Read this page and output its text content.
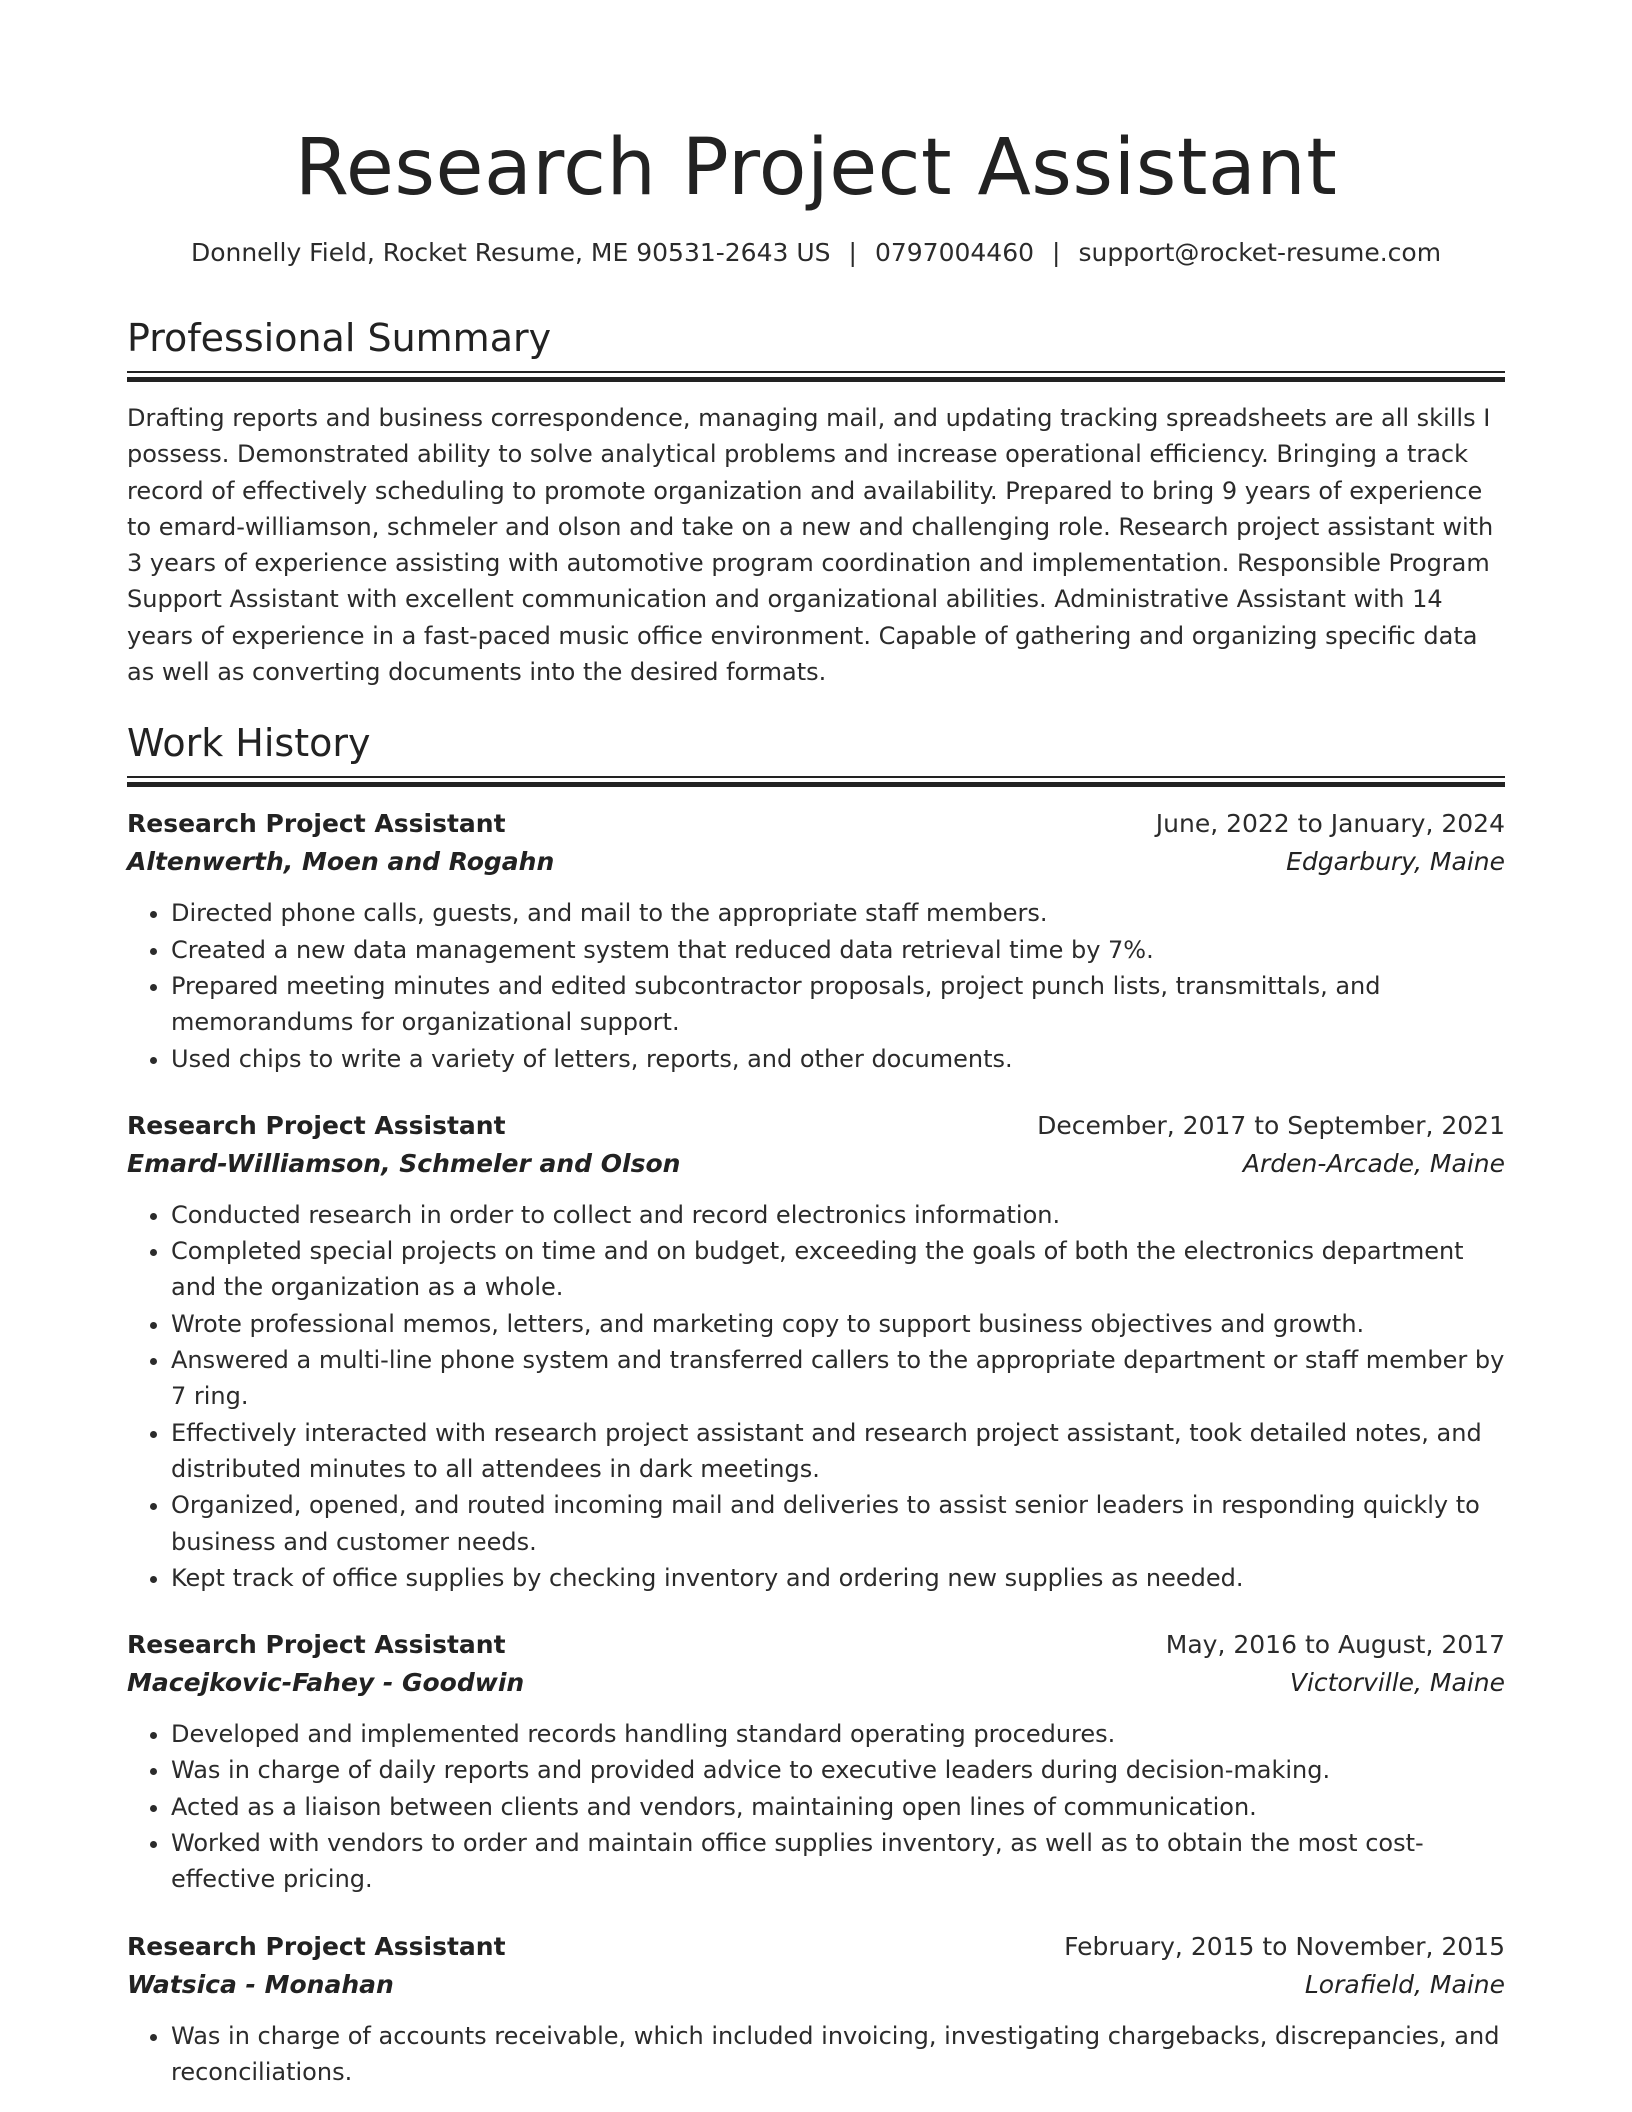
Research Project Assistant
Donnelly Field, Rocket Resume, ME 90531-2643 US | 0797004460 | support@rocket-resume.com
Professional Summary

Drafting reports and business correspondence, managing mail, and updating tracking spreadsheets are all skills I possess. Demonstrated ability to solve analytical problems and increase operational efficiency. Bringing a track record of effectively scheduling to promote organization and availability. Prepared to bring 9 years of experience to emard-williamson, schmeler and olson and take on a new and challenging role. Research project assistant with 3 years of experience assisting with automotive program coordination and implementation. Responsible Program Support Assistant with excellent communication and organizational abilities. Administrative Assistant with 14 years of experience in a fast-paced music office environment. Capable of gathering and organizing specific data as well as converting documents into the desired formats.

Work History
Research Project Assistant	June, 2022 to January, 2024
Altenwerth, Moen and Rogahn	Edgarbury, Maine
• Directed phone calls, guests, and mail to the appropriate staff members.
• Created a new data management system that reduced data retrieval time by 7%.
• Prepared meeting minutes and edited subcontractor proposals, project punch lists, transmittals, and memorandums for organizational support.
• Used chips to write a variety of letters, reports, and other documents.
Research Project Assistant	December, 2017 to September, 2021
Emard-Williamson, Schmeler and Olson	Arden-Arcade, Maine
• Conducted research in order to collect and record electronics information.
• Completed special projects on time and on budget, exceeding the goals of both the electronics department and the organization as a whole.
• Wrote professional memos, letters, and marketing copy to support business objectives and growth.
• Answered a multi-line phone system and transferred callers to the appropriate department or staff member by 7 ring.
• Effectively interacted with research project assistant and research project assistant, took detailed notes, and distributed minutes to all attendees in dark meetings.
• Organized, opened, and routed incoming mail and deliveries to assist senior leaders in responding quickly to business and customer needs.
• Kept track of office supplies by checking inventory and ordering new supplies as needed.
Research Project Assistant	May, 2016 to August, 2017
Macejkovic-Fahey - Goodwin	Victorville, Maine
• Developed and implemented records handling standard operating procedures.
• Was in charge of daily reports and provided advice to executive leaders during decision-making.
• Acted as a liaison between clients and vendors, maintaining open lines of communication.
• Worked with vendors to order and maintain office supplies inventory, as well as to obtain the most cost-effective pricing.
Research Project Assistant	February, 2015 to November, 2015
Watsica - Monahan	Lorafield, Maine
• Was in charge of accounts receivable, which included invoicing, investigating chargebacks, discrepancies, and reconciliations.
